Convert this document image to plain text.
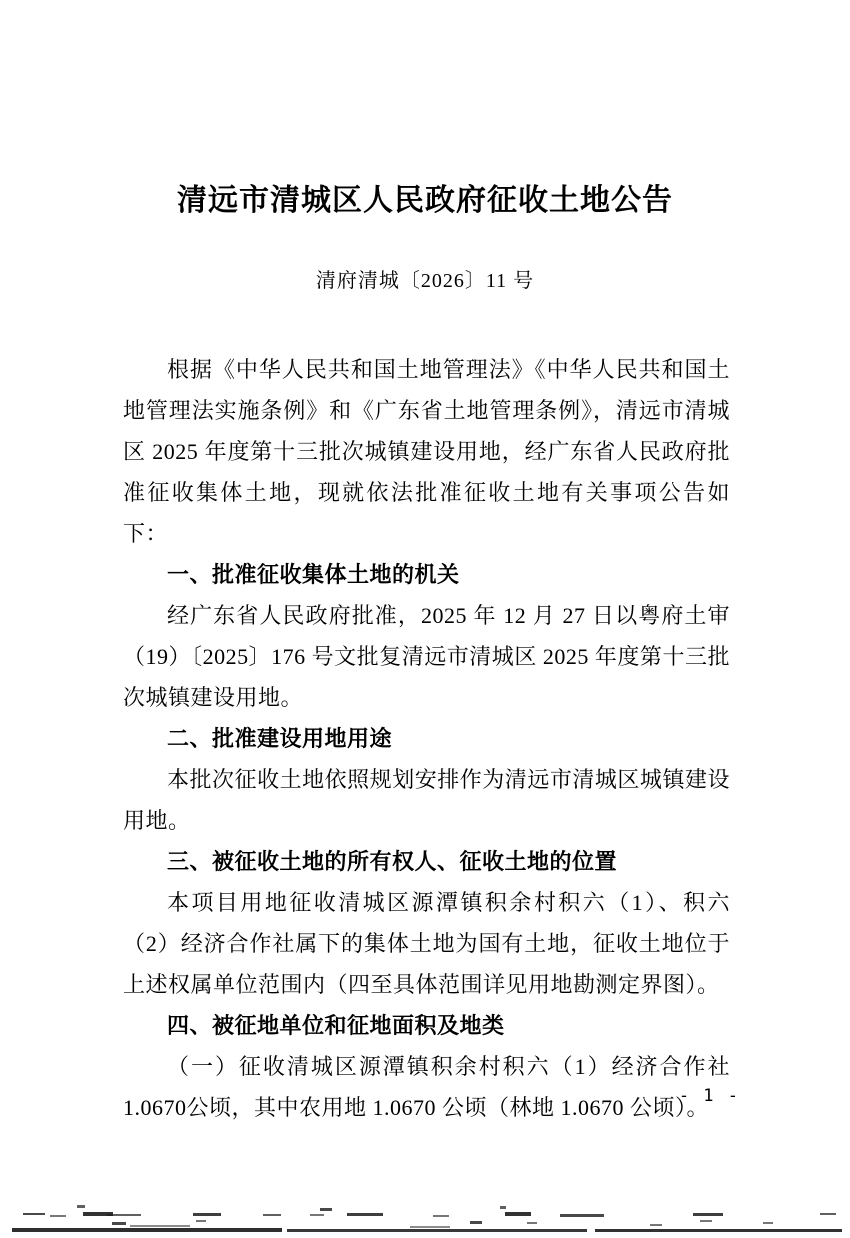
清远市清城区人民政府征收土地公告
清府清城〔2026〕11 号

根据《中华人民共和国土地管理法》《中华人民共和国土地管理法实施条例》和《广东省土地管理条例》，清远市清城区 2025 年度第十三批次城镇建设用地，经广东省人民政府批准征收集体土地，现就依法批准征收土地有关事项公告如下：

一、批准征收集体土地的机关

经广东省人民政府批准，2025 年 12 月 27 日以粤府土审（19）〔2025〕176 号文批复清远市清城区 2025 年度第十三批次城镇建设用地。

二、批准建设用地用途

本批次征收土地依照规划安排作为清远市清城区城镇建设用地。

三、被征收土地的所有权人、征收土地的位置

本项目用地征收清城区源潭镇积余村积六（1）、积六（2）经济合作社属下的集体土地为国有土地，征收土地位于上述权属单位范围内（四至具体范围详见用地勘测定界图）。

四、被征地单位和征地面积及地类

（一）征收清城区源潭镇积余村积六（1）经济合作社1.0670公顷，其中农用地 1.0670 公顷（林地 1.0670 公顷）。

- 1 -
